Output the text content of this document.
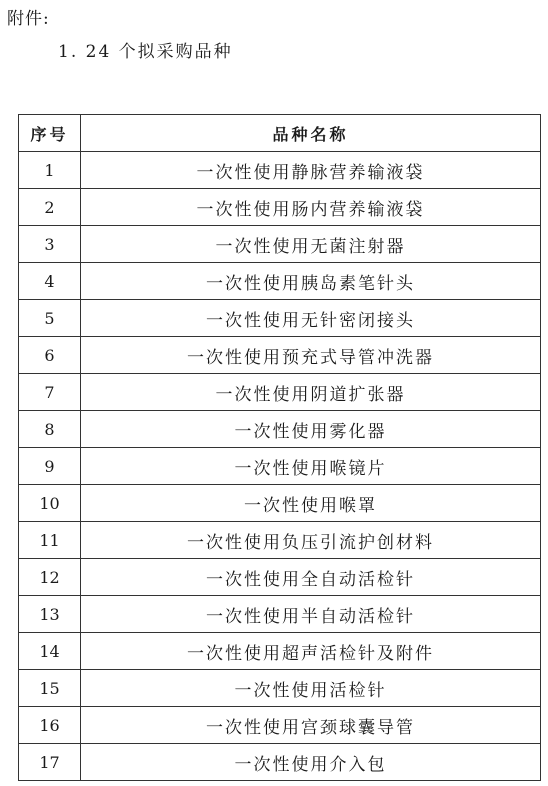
附件:
1. 24 个拟采购品种
序号	品种名称
1	一次性使用静脉营养输液袋
2	一次性使用肠内营养输液袋
3	一次性使用无菌注射器
4	一次性使用胰岛素笔针头
5	一次性使用无针密闭接头
6	一次性使用预充式导管冲洗器
7	一次性使用阴道扩张器
8	一次性使用雾化器
9	一次性使用喉镜片
10	一次性使用喉罩
11	一次性使用负压引流护创材料
12	一次性使用全自动活检针
13	一次性使用半自动活检针
14	一次性使用超声活检针及附件
15	一次性使用活检针
16	一次性使用宫颈球囊导管
17	一次性使用介入包
